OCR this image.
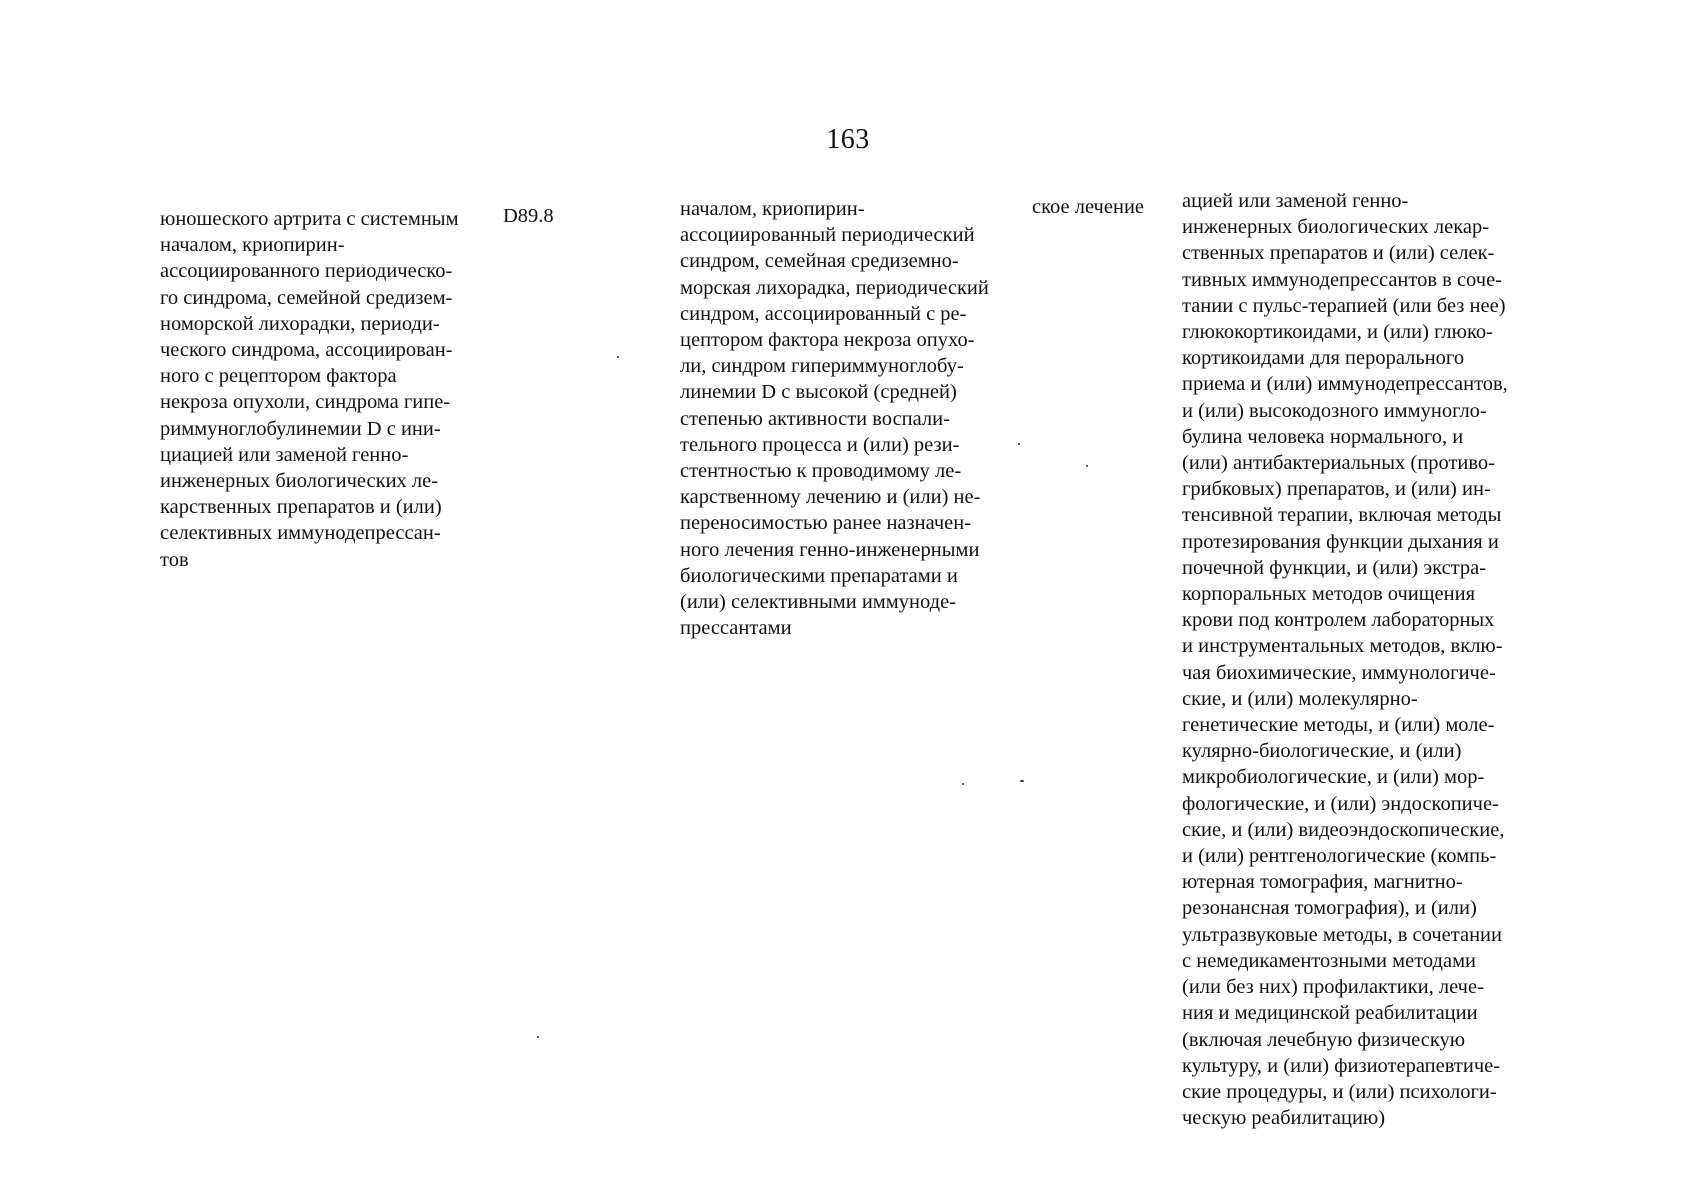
163
юношеского артрита с системным
началом, криопирин-
ассоциированного периодическо-
го синдрома, семейной средизем-
номорской лихорадки, периоди-
ческого синдрома, ассоциирован-
ного с рецептором фактора
некроза опухоли, синдрома гипе-
риммуноглобулинемии D с ини-
циацией или заменой генно-
инженерных биологических ле-
карственных препаратов и (или)
селективных иммунодепрессан-
тов
D89.8	началом, криопирин-
ассоциированный периодический
синдром, семейная средиземно-
морская лихорадка, периодический
синдром, ассоциированный с ре-
цептором фактора некроза опухо-
ли, синдром гипериммуноглобу-
линемии D с высокой (средней)
степенью активности воспали-
тельного процесса и (или) рези-
стентностью к проводимому ле-
карственному лечению и (или) не-
переносимостью ранее назначен-
ного лечения генно-инженерными
биологическими препаратами и
(или) селективными иммуноде-
прессантами
ское лечение ацией или заменой генно-
инженерных биологических лекар-
ственных препаратов и (или) селек-
тивных иммунодепрессантов в соче-
тании с пульс-терапией (или без нее)
глюкокортикоидами, и (или) глюко-
кортикоидами для перорального
приема и (или) иммунодепрессантов,
и (или) высокодозного иммуногло-
булина человека нормального, и
(или) антибактериальных (противо-
грибковых) препаратов, и (или) ин-
тенсивной терапии, включая методы
протезирования функции дыхания и
почечной функции, и (или) экстра-
корпоральных методов очищения
крови под контролем лабораторных
и инструментальных методов, вклю-
чая биохимические, иммунологиче-
ские, и (или) молекулярно-
генетические методы, и (или) моле-
кулярно-биологические, и (или)
микробиологические, и (или) мор-
фологические, и (или) эндоскопиче-
ские, и (или) видеоэндоскопические,
и (или) рентгенологические (компь-
ютерная томография, магнитно-
резонансная томография), и (или)
ультразвуковые методы, в сочетании
с немедикаментозными методами
(или без них) профилактики, лече-
ния и медицинской реабилитации
(включая лечебную физическую
культуру, и (или) физиотерапевтиче-
ские процедуры, и (или) психологи-
ческую реабилитацию)
